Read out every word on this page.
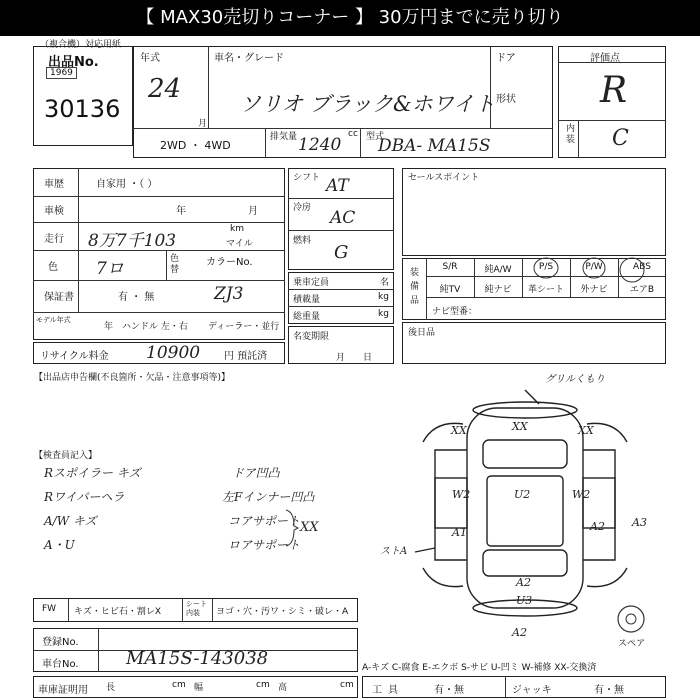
【 MAX30売切りコーナー 】 30万円までに売り切り
（複合機）対応用紙
出品No.
1969
30136
年式
24
月
車名・グレード
ソリオ ブラック&ホワイト
ドア
形状
2WD ・ 4WD
排気量 1240
cc 型式
DBA- MA15S
評価点
R
内装 C
車歴	自家用 ・（ ）
車検	年	月
走行 8万7千103
km
マイル
色 7ロ	色替
カラーNo.
保証書	有 ・ 無	ZJ3
モデル年式
年 ハンドル 左・右 ディーラー・並行
リサイクル料金 10900 円 預託済
シフト AT
冷房 AC
燃料
G
乗車定員	名
積載量	kg
総重量	kg
名変期限
月日
セールスポイント
装備品
S/R	純A/W	P/S	P/W	ABS
純TV	純ナビ	革シート	外ナビ	エアB
ナビ型番：
後日品
【出品店申告欄(不良箇所・欠品・注意事項等)】
【検査員記入】
Rスポイラー キズ
Rワイパーヘラ
A/W キズ
A・U
ドア凹凸
左Fインナー凹凸
コアサポート
ロアサポート
XX
グリルくもり
XX	XX	XX
W2	U2	W2
A2 A3
A1
A2
U3
A2
ストA
スペア
FW キズ・ヒビ石・割レX
シート内装	ヨゴ・穴・汚ワ・シミ・破レ・A
登録No.
車台No.	MA15S-143038
車庫証明用 長	cm 幅	cm 高	cm
A-キズ C-腐食 E-エクボ S-サビ U-凹ミ W-補修 XX-交換済
工具	有・無	ジャッキ	有・無
